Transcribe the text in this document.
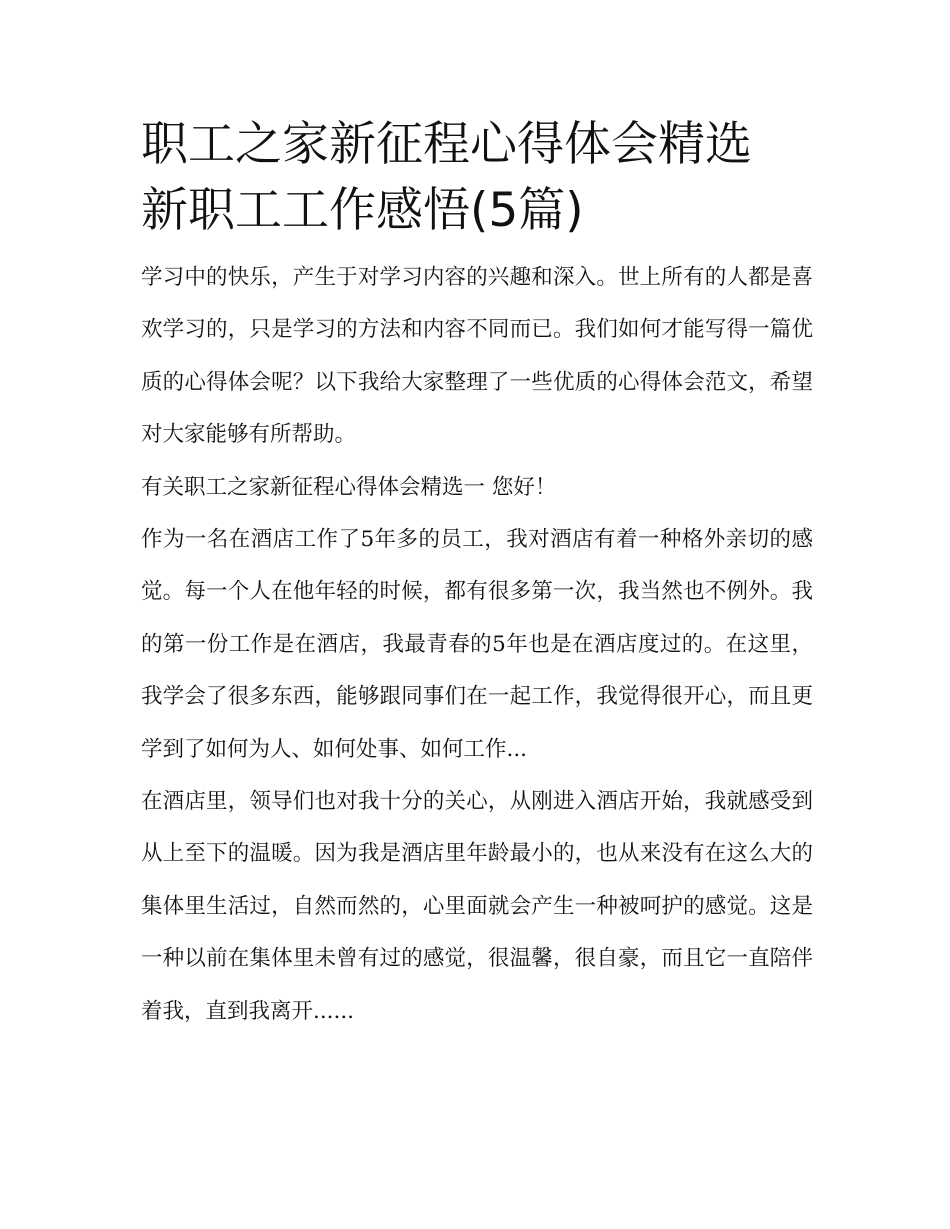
职工之家新征程心得体会精选
新职工工作感悟(5篇)

学习中的快乐，产生于对学习内容的兴趣和深入。世上所有的人都是喜欢学习的，只是学习的方法和内容不同而已。我们如何才能写得一篇优质的心得体会呢？以下我给大家整理了一些优质的心得体会范文，希望对大家能够有所帮助。

有关职工之家新征程心得体会精选一 您好！

作为一名在酒店工作了5年多的员工，我对酒店有着一种格外亲切的感觉。每一个人在他年轻的时候，都有很多第一次，我当然也不例外。我的第一份工作是在酒店，我最青春的5年也是在酒店度过的。在这里，我学会了很多东西，能够跟同事们在一起工作，我觉得很开心，而且更学到了如何为人、如何处事、如何工作...

在酒店里，领导们也对我十分的关心，从刚进入酒店开始，我就感受到从上至下的温暖。因为我是酒店里年龄最小的，也从来没有在这么大的集体里生活过，自然而然的，心里面就会产生一种被呵护的感觉。这是一种以前在集体里未曾有过的感觉，很温馨，很自豪，而且它一直陪伴着我，直到我离开......
